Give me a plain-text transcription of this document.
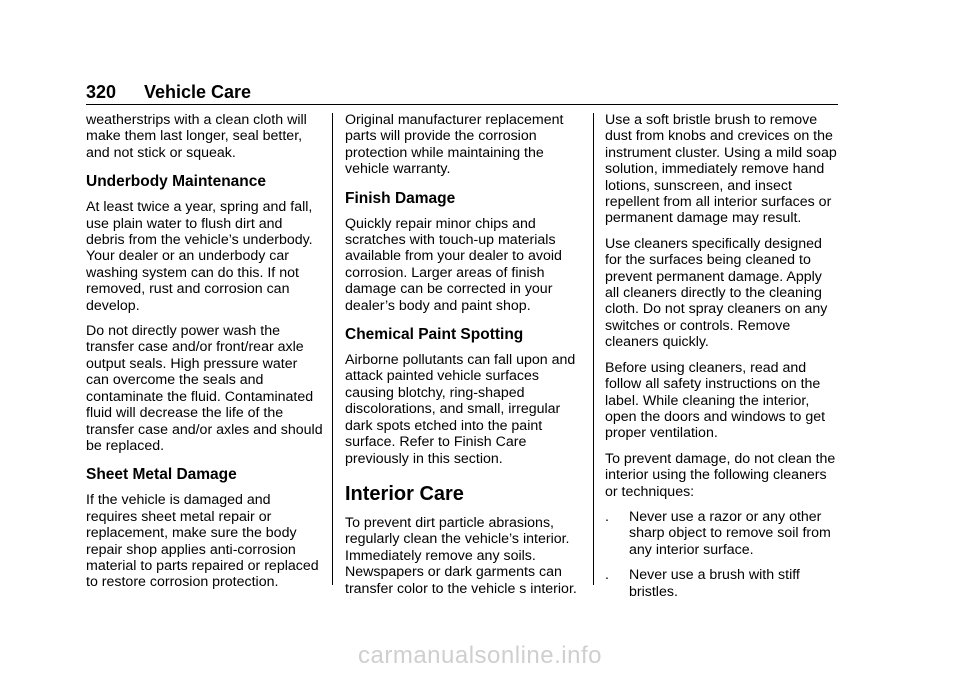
320 Vehicle Care

weatherstrips with a clean cloth will make them last longer, seal better, and not stick or squeak.

Underbody Maintenance

At least twice a year, spring and fall, use plain water to flush dirt and debris from the vehicle’s underbody. Your dealer or an underbody car washing system can do this. If not removed, rust and corrosion can develop.

Do not directly power wash the transfer case and/or front/rear axle output seals. High pressure water can overcome the seals and contaminate the fluid. Contaminated fluid will decrease the life of the transfer case and/or axles and should be replaced.

Sheet Metal Damage

If the vehicle is damaged and requires sheet metal repair or replacement, make sure the body repair shop applies anti-corrosion material to parts repaired or replaced to restore corrosion protection.

Original manufacturer replacement parts will provide the corrosion protection while maintaining the vehicle warranty.

Finish Damage

Quickly repair minor chips and scratches with touch-up materials available from your dealer to avoid corrosion. Larger areas of finish damage can be corrected in your dealer’s body and paint shop.

Chemical Paint Spotting

Airborne pollutants can fall upon and attack painted vehicle surfaces causing blotchy, ring-shaped discolorations, and small, irregular dark spots etched into the paint surface. Refer to Finish Care previously in this section.

Interior Care

To prevent dirt particle abrasions, regularly clean the vehicle’s interior. Immediately remove any soils. Newspapers or dark garments can transfer color to the vehicle s interior.

Use a soft bristle brush to remove dust from knobs and crevices on the instrument cluster. Using a mild soap solution, immediately remove hand lotions, sunscreen, and insect repellent from all interior surfaces or permanent damage may result.

Use cleaners specifically designed for the surfaces being cleaned to prevent permanent damage. Apply all cleaners directly to the cleaning cloth. Do not spray cleaners on any switches or controls. Remove cleaners quickly.

Before using cleaners, read and follow all safety instructions on the label. While cleaning the interior, open the doors and windows to get proper ventilation.

To prevent damage, do not clean the interior using the following cleaners or techniques:

.	Never use a razor or any other sharp object to remove soil from any interior surface.
.	Never use a brush with stiff bristles.
carmanualsonline.info
